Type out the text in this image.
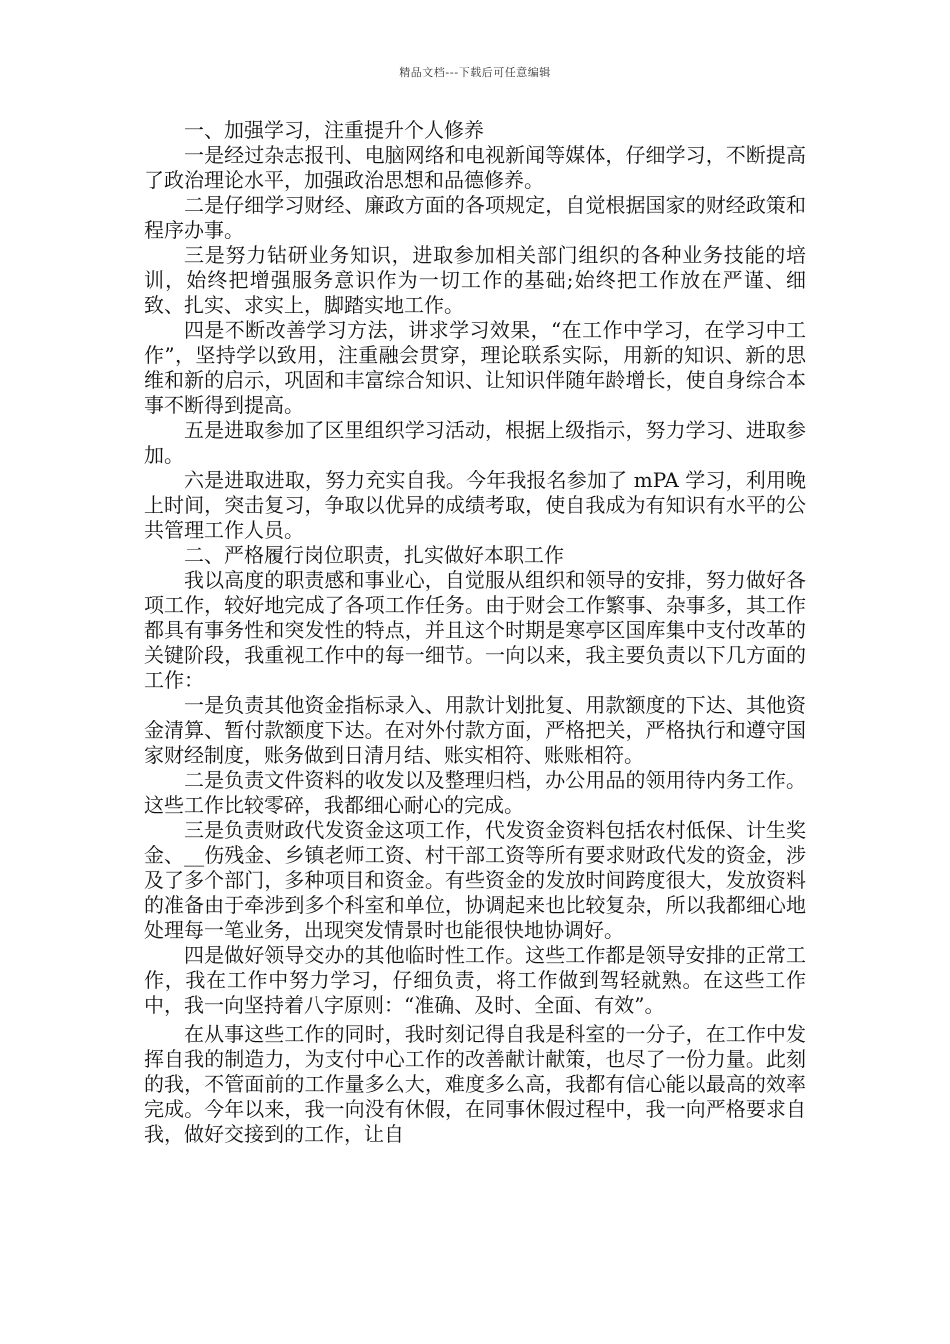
精品文档---下载后可任意编辑

一、加强学习，注重提升个人修养

一是经过杂志报刊、电脑网络和电视新闻等媒体，仔细学习，不断提高了政治理论水平，加强政治思想和品德修养。

二是仔细学习财经、廉政方面的各项规定，自觉根据国家的财经政策和程序办事。

三是努力钻研业务知识，进取参加相关部门组织的各种业务技能的培训，始终把增强服务意识作为一切工作的基础;始终把工作放在严谨、细致、扎实、求实上，脚踏实地工作。

四是不断改善学习方法，讲求学习效果，“在工作中学习，在学习中工作”，坚持学以致用，注重融会贯穿，理论联系实际，用新的知识、新的思维和新的启示，巩固和丰富综合知识、让知识伴随年龄增长，使自身综合本事不断得到提高。

五是进取参加了区里组织学习活动，根据上级指示，努力学习、进取参加。

六是进取进取，努力充实自我。今年我报名参加了 mPA 学习，利用晚上时间，突击复习，争取以优异的成绩考取，使自我成为有知识有水平的公共管理工作人员。

二、严格履行岗位职责，扎实做好本职工作

我以高度的职责感和事业心，自觉服从组织和领导的安排，努力做好各项工作，较好地完成了各项工作任务。由于财会工作繁事、杂事多，其工作都具有事务性和突发性的特点，并且这个时期是寒亭区国库集中支付改革的关键阶段，我重视工作中的每一细节。一向以来，我主要负责以下几方面的工作：

一是负责其他资金指标录入、用款计划批复、用款额度的下达、其他资金清算、暂付款额度下达。在对外付款方面，严格把关，严格执行和遵守国家财经制度，账务做到日清月结、账实相符、账账相符。

二是负责文件资料的收发以及整理归档，办公用品的领用待内务工作。这些工作比较零碎，我都细心耐心的完成。

三是负责财政代发资金这项工作，代发资金资料包括农村低保、计生奖金、__伤残金、乡镇老师工资、村干部工资等所有要求财政代发的资金，涉及了多个部门，多种项目和资金。有些资金的发放时间跨度很大，发放资料的准备由于牵涉到多个科室和单位，协调起来也比较复杂，所以我都细心地处理每一笔业务，出现突发情景时也能很快地协调好。

四是做好领导交办的其他临时性工作。这些工作都是领导安排的正常工作，我在工作中努力学习，仔细负责，将工作做到驾轻就熟。在这些工作中，我一向坚持着八字原则：“准确、及时、全面、有效”。

在从事这些工作的同时，我时刻记得自我是科室的一分子，在工作中发挥自我的制造力，为支付中心工作的改善献计献策，也尽了一份力量。此刻的我，不管面前的工作量多么大，难度多么高，我都有信心能以最高的效率完成。今年以来，我一向没有休假，在同事休假过程中，我一向严格要求自我，做好交接到的工作，让自
